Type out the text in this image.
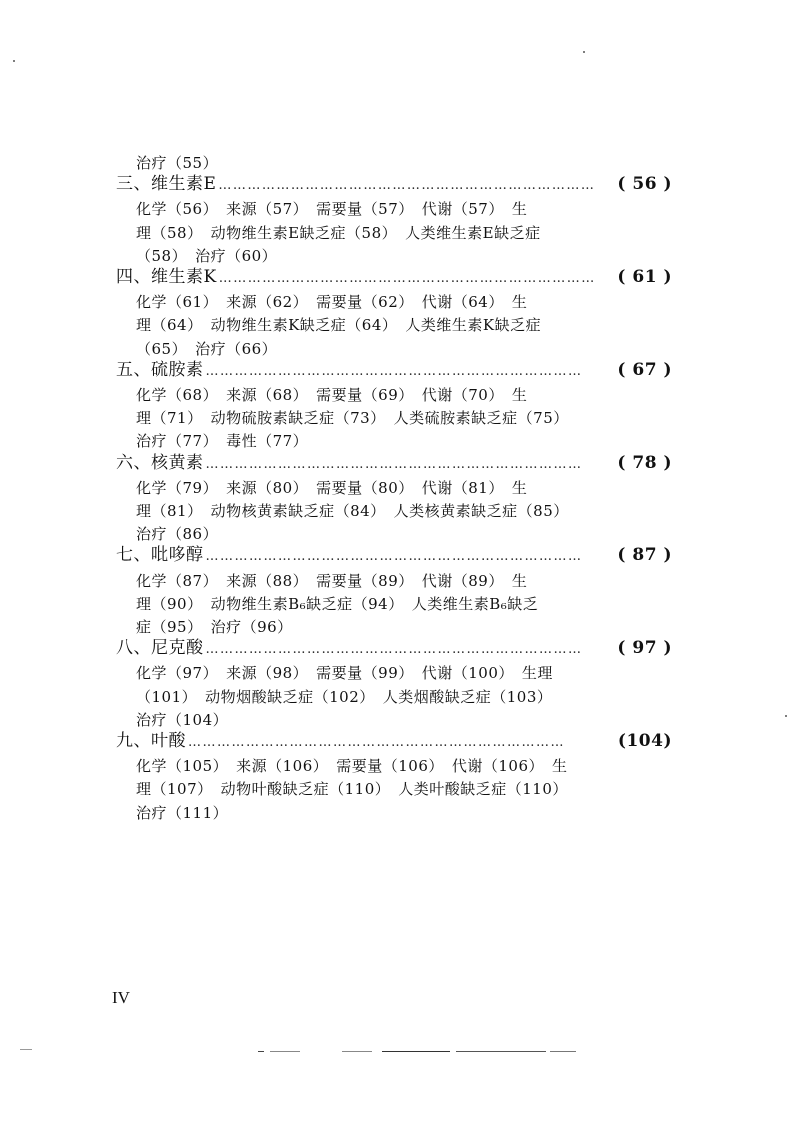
治疗（55）
三、维生素E ……………………………………………………………………	( 56 )
化学（56）　来源（57）　需要量（57）　代谢（57）　生
理（58）　动物维生素E缺乏症（58）　人类维生素E缺乏症
（58）　治疗（60）
四、维生素K ……………………………………………………………………	( 61 )
化学（61）　来源（62）　需要量（62）　代谢（64）　生
理（64）　动物维生素K缺乏症（64）　人类维生素K缺乏症
（65）　治疗（66）
五、硫胺素 ……………………………………………………………………	( 67 )
化学（68）　来源（68）　需要量（69）　代谢（70）　生
理（71）　动物硫胺素缺乏症（73）　人类硫胺素缺乏症（75）
治疗（77）　毒性（77）
六、核黄素 ……………………………………………………………………	( 78 )
化学（79）　来源（80）　需要量（80）　代谢（81）　生
理（81）　动物核黄素缺乏症（84）　人类核黄素缺乏症（85）
治疗（86）
七、吡哆醇 ……………………………………………………………………	( 87 )
化学（87）　来源（88）　需要量（89）　代谢（89）　生
理（90）　动物维生素B₆缺乏症（94）　人类维生素B₆缺乏
症（95）　治疗（96）
八、尼克酸 ……………………………………………………………………	( 97 )
化学（97）　来源（98）　需要量（99）　代谢（100）　生理
（101）　动物烟酸缺乏症（102）　人类烟酸缺乏症（103）
治疗（104）
九、叶酸 ……………………………………………………………………	(104)
化学（105）　来源（106）　需要量（106）　代谢（106）　生
理（107）　动物叶酸缺乏症（110）　人类叶酸缺乏症（110）
治疗（111）
IV
